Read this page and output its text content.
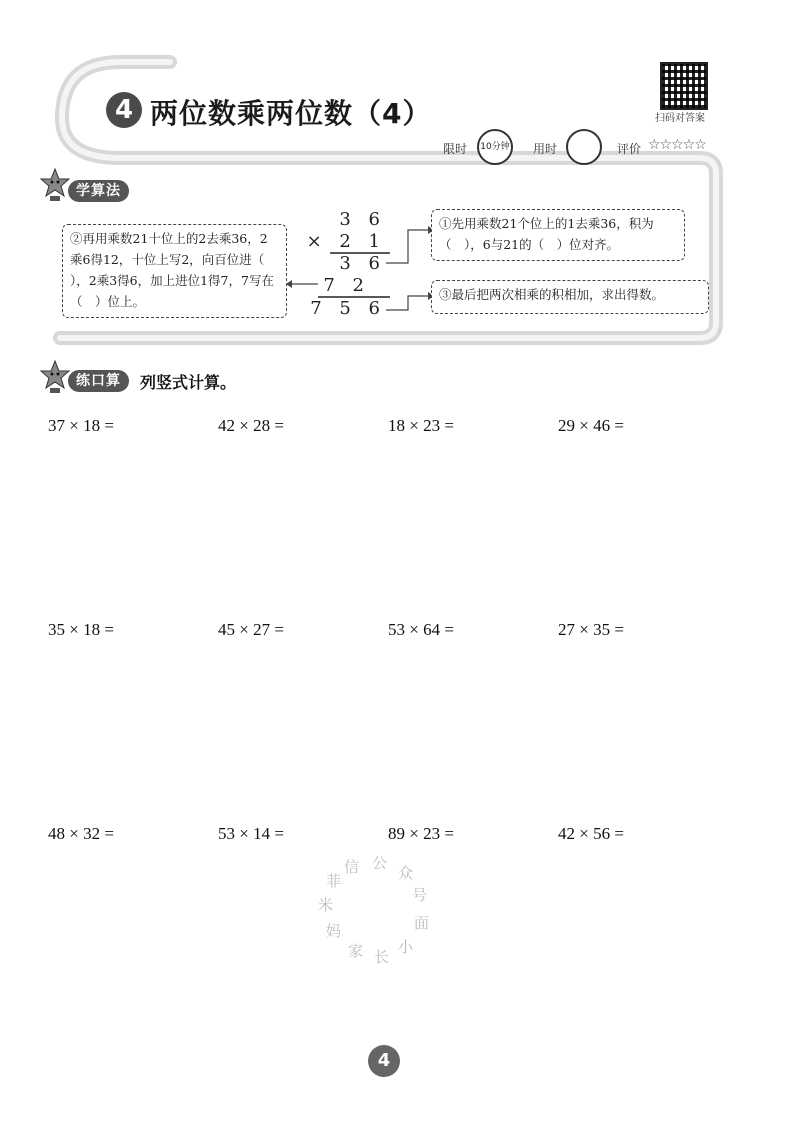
4 两位数乘两位数（4）	扫码对答案
限时	10分钟 用时	评价 ☆☆☆☆☆
学算法
②再用乘数21十位上的2去乘36，2乘6得12，十位上写2，向百位进（ ），2乘3得6，加上进位1得7，7写在（　）位上。
①先用乘数21个位上的1去乘36，积为（　），6与21的（　）位对齐。
③最后把两次相乘的积相加，求出得数。
3 6
× 2 1
3 6
7 2
7 5 6
练口算	列竖式计算。
37 × 18 =	42 × 28 =	18 × 23 =	29 × 46 =
35 × 18 =	45 × 27 =	53 × 64 =	27 × 35 =
48 × 32 =	53 × 14 =	89 × 23 =	42 × 56 =
信 公
众
号
面
小
长
家
妈
米
菲
4
